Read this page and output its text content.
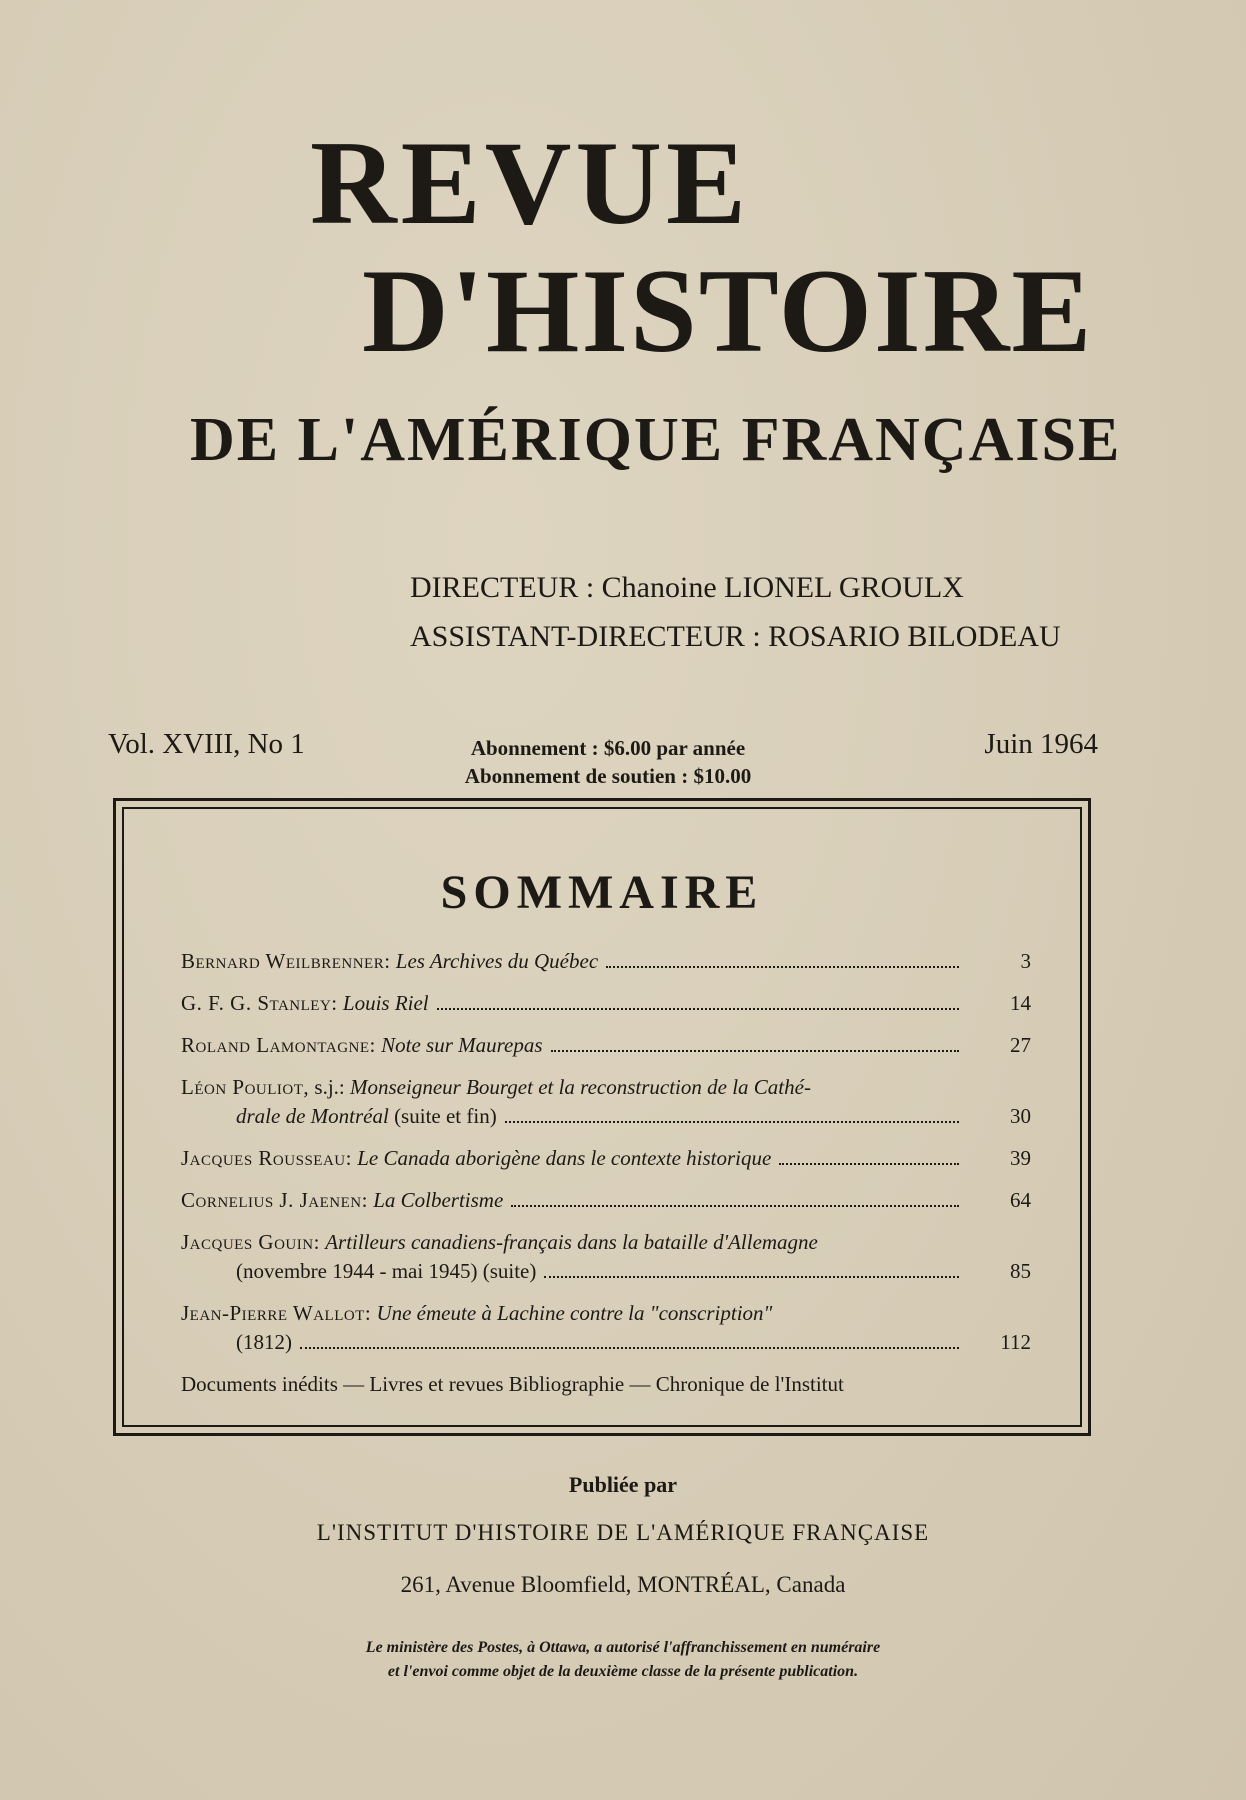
REVUE
D'HISTOIRE
DE L'AMÉRIQUE FRANÇAISE
DIRECTEUR : Chanoine LIONEL GROULX
ASSISTANT-DIRECTEUR : ROSARIO BILODEAU
Vol. XVIII, No 1	Abonnement : $6.00 par année
Abonnement de soutien : $10.00
Juin 1964
SOMMAIRE
Bernard Weilbrenner:
Les Archives du Québec	3
G. F. G. Stanley:
Louis Riel	14
Roland Lamontagne:
Note sur Maurepas	27
Léon Pouliot, s.j.: Monseigneur Bourget et la reconstruction de la Cathé-
drale de Montréal
(suite et fin)	30
Jacques Rousseau:
Le Canada aborigène dans le contexte historique	39
Cornelius J. Jaenen:
La Colbertisme	64
Jacques Gouin: Artilleurs canadiens-français dans la bataille d'Allemagne
(novembre 1944 - mai 1945)
(suite)	85
Jean-Pierre Wallot: Une émeute à Lachine contre la "conscription"
(1812)	112
Documents inédits — Livres et revues Bibliographie — Chronique de l'Institut
Publiée par
L'INSTITUT D'HISTOIRE DE L'AMÉRIQUE FRANÇAISE
261, Avenue Bloomfield, MONTRÉAL, Canada
Le ministère des Postes, à Ottawa, a autorisé l'affranchissement en numéraire
et l'envoi comme objet de la deuxième classe de la présente publication.
